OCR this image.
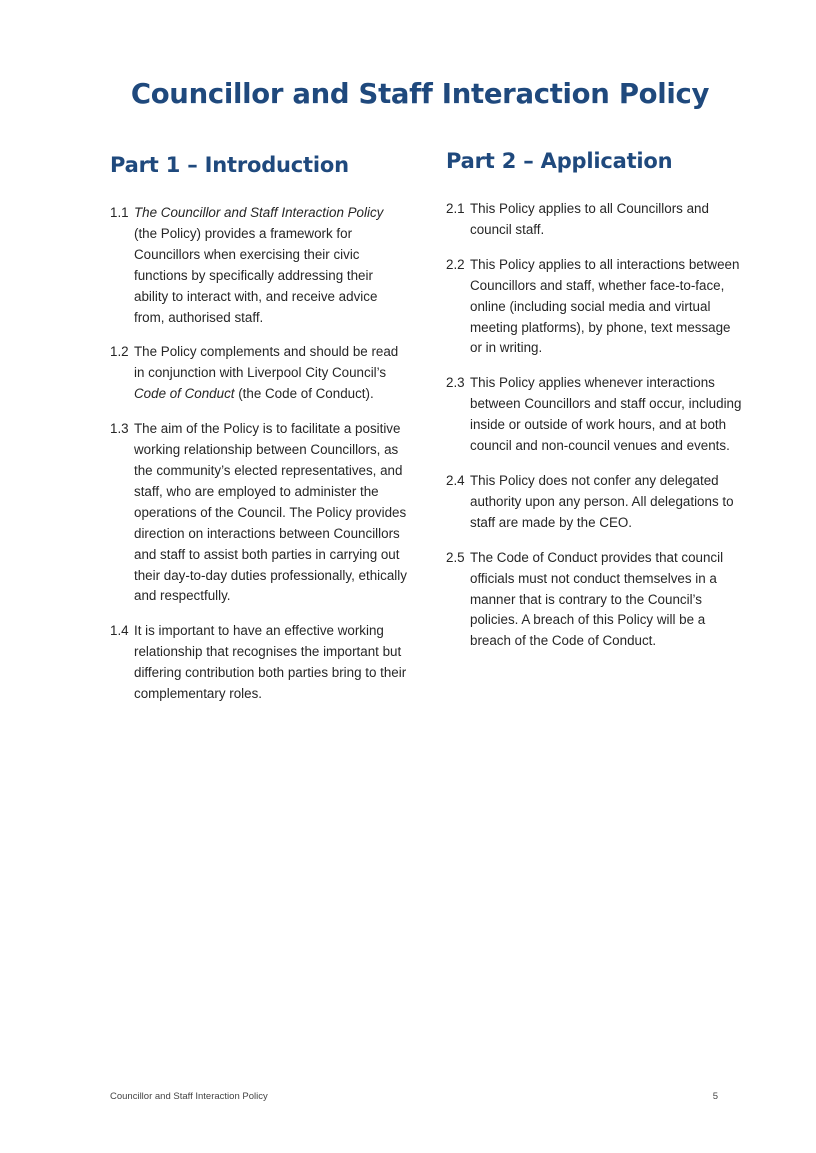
Councillor and Staff Interaction Policy
Part 1 – Introduction
1.1 The Councillor and Staff Interaction Policy (the Policy) provides a framework for Councillors when exercising their civic functions by specifically addressing their ability to interact with, and receive advice from, authorised staff.
1.2 The Policy complements and should be read in conjunction with Liverpool City Council’s Code of Conduct (the Code of Conduct).
1.3 The aim of the Policy is to facilitate a positive working relationship between Councillors, as the community’s elected representatives, and staff, who are employed to administer the operations of the Council. The Policy provides direction on interactions between Councillors and staff to assist both parties in carrying out their day-to-day duties professionally, ethically and respectfully.
1.4 It is important to have an effective working relationship that recognises the important but differing contribution both parties bring to their complementary roles.
Part 2 – Application
2.1 This Policy applies to all Councillors and council staff.
2.2 This Policy applies to all interactions between Councillors and staff, whether face-to-face, online (including social media and virtual meeting platforms), by phone, text message or in writing.
2.3 This Policy applies whenever interactions between Councillors and staff occur, including inside or outside of work hours, and at both council and non-council venues and events.
2.4 This Policy does not confer any delegated authority upon any person. All delegations to staff are made by the CEO.
2.5 The Code of Conduct provides that council officials must not conduct themselves in a manner that is contrary to the Council’s policies. A breach of this Policy will be a breach of the Code of Conduct.
Councillor and Staff Interaction Policy	5
